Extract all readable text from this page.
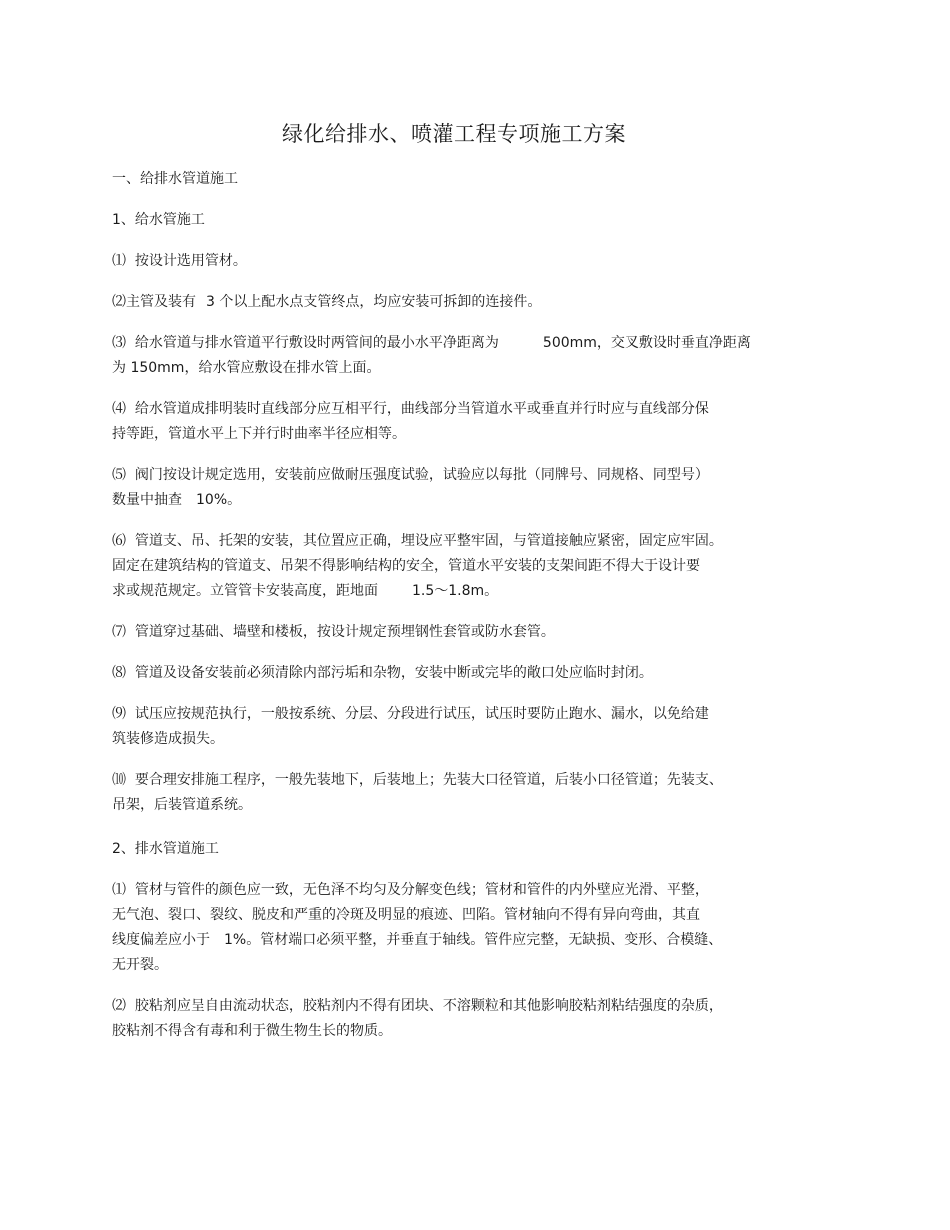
绿化给排水、喷灌工程专项施工方案
一、给排水管道施工
1、给水管施工
⑴  按设计选用管材。
⑵主管及装有 3 个以上配水点支管终点，均应安装可拆卸的连接件。
⑶  给水管道与排水管道平行敷设时两管间的最小水平净距离为	500mm，交叉敷设时垂直净距离
为 150mm，给水管应敷设在排水管上面。
⑷  给水管道成排明装时直线部分应互相平行，曲线部分当管道水平或垂直并行时应与直线部分保
持等距，管道水平上下并行时曲率半径应相等。
⑸  阀门按设计规定选用，安装前应做耐压强度试验，试验应以每批（同牌号、同规格、同型号）
数量中抽查 10%。
⑹  管道支、吊、托架的安装，其位置应正确，埋设应平整牢固，与管道接触应紧密，固定应牢固。
固定在建筑结构的管道支、吊架不得影响结构的安全，管道水平安装的支架间距不得大于设计要
求或规范规定。立管管卡安装高度，距地面 1.5～1.8m。
⑺  管道穿过基础、墙壁和楼板，按设计规定预埋钢性套管或防水套管。
⑻  管道及设备安装前必须清除内部污垢和杂物，安装中断或完毕的敞口处应临时封闭。
⑼  试压应按规范执行，一般按系统、分层、分段进行试压，试压时要防止跑水、漏水，以免给建
筑装修造成损失。
⑽  要合理安排施工程序，一般先装地下，后装地上；先装大口径管道，后装小口径管道；先装支、
吊架，后装管道系统。
2、排水管道施工
⑴  管材与管件的颜色应一致，无色泽不均匀及分解变色线；管材和管件的内外壁应光滑、平整，
无气泡、裂口、裂纹、脱皮和严重的冷斑及明显的痕迹、凹陷。管材轴向不得有异向弯曲，其直
线度偏差应小于 1%。管材端口必须平整，并垂直于轴线。管件应完整，无缺损、变形、合模缝、
无开裂。
⑵  胶粘剂应呈自由流动状态，胶粘剂内不得有团块、不溶颗粒和其他影响胶粘剂粘结强度的杂质，
胶粘剂不得含有毒和利于微生物生长的物质。
